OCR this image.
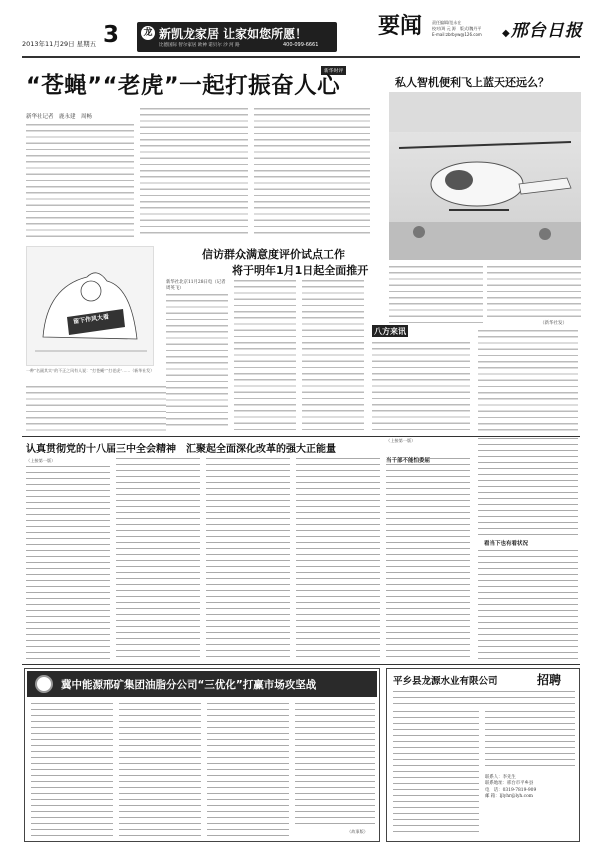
2013年11月29日 星期五 3	龙 新凯龙家居 让家如您所愿！
比德国际 智尔家居 欧神 诺贝尔 沙 河 路	400-099-6661
要闻 责任编辑/范永在
校对/周 元 源　版式/魏丹平
E-mail:zbrbyw@126.com ◆邢台日报
新华时评
“苍蝇”“老虎”一起打振奋人心
新华社记者　鹿永建　周畅
留下作风大看
一种“名副其实”的不正之风有人说：“打苍蝇”“打老虎”……（新华社发）
私人智机便利飞上蓝天还远么？
（新华社发）
信访群众满意度评价试点工作
将于明年1月1日起全面推开
新华社北京11月28日电（记者周英飞）
八方来讯
认真贯彻党的十八届三中全会精神　汇聚起全面深化改革的强大正能量
（上接第一版）
（上接第一版）
当千部不能怕委屈
看当下也有看状况
冀中能源邢矿集团油脂分公司“三优化”打赢市场攻坚战
（故事版）
平乡县龙源水业有限公司	招聘
联系人：李先生
联系地址：邢台市平乡县
电　话：0319-7819-909
邮 箱：ljlyhr@lyh.com
